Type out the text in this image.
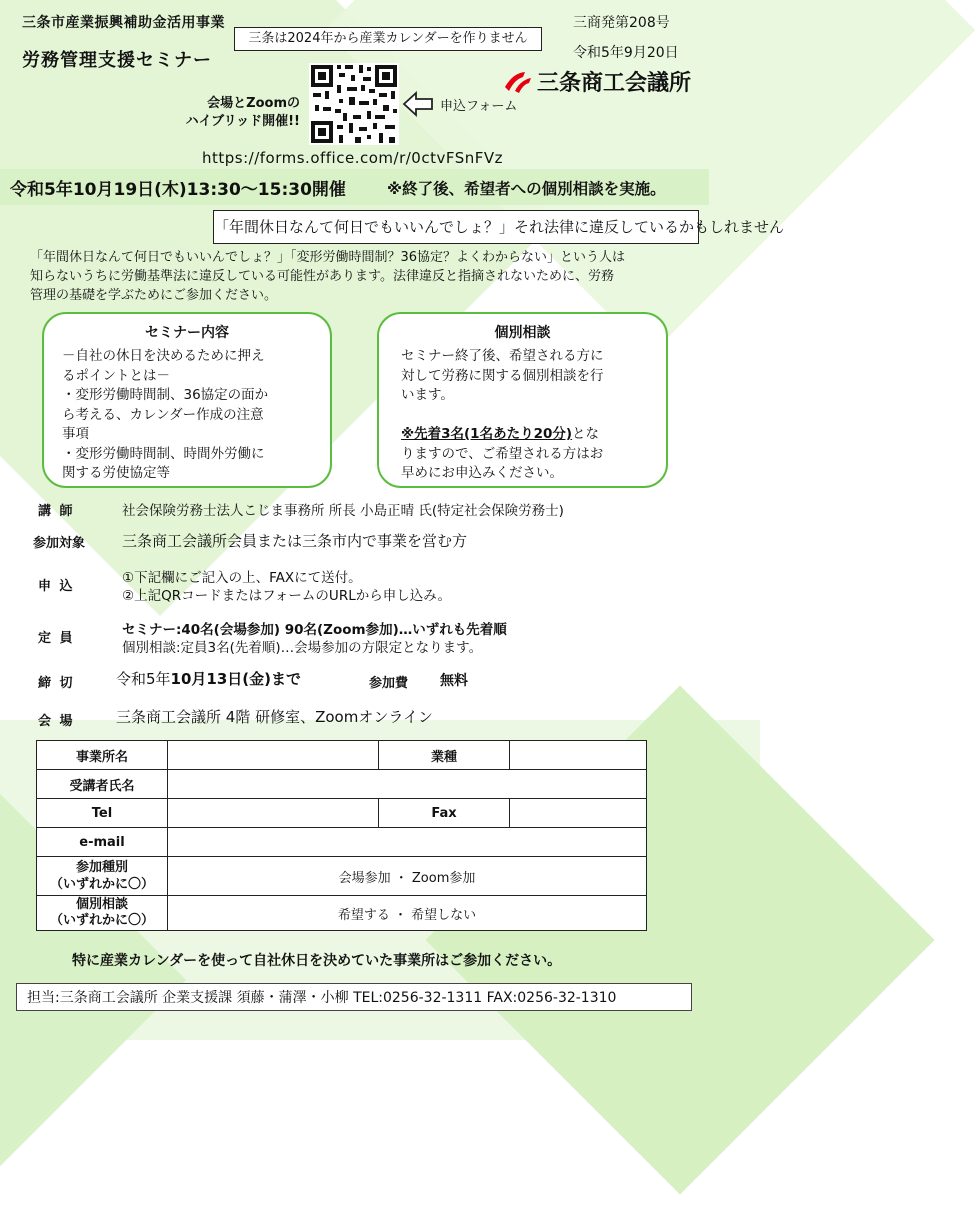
三条市産業振興補助金活用事業
労務管理支援セミナー
三条は2024年から産業カレンダーを作りません
三商発第208号
令和5年9月20日
三条商工会議所
会場とZoomの
ハイブリッド開催!!
申込フォーム
https://forms.office.com/r/0ctvFSnFVz
令和5年10月19日(木)13:30～15:30開催	※終了後、希望者への個別相談を実施。
「年間休日なんて何日でもいいんでしょ？」それ法律に違反しているかもしれません
「年間休日なんて何日でもいいんでしょ？」「変形労働時間制？36協定？よくわからない」という人は
知らないうちに労働基準法に違反している可能性があります。法律違反と指摘されないために、労務
管理の基礎を学ぶためにご参加ください。
セミナー内容
－自社の休日を決めるために押え
るポイントとは－
・変形労働時間制、36協定の面か
ら考える、カレンダー作成の注意
事項
・変形労働時間制、時間外労働に
関する労使協定等
個別相談
セミナー終了後、希望される方に
対して労務に関する個別相談を行
います。
※先着3名(1名あたり20分)とな
りますので、ご希望される方はお
早めにお申込みください。
講 師	社会保険労務士法人こじま事務所 所長 小島正晴 氏(特定社会保険労務士)
参加対象 三条商工会議所会員または三条市内で事業を営む方
申 込
①下記欄にご記入の上、FAXにて送付。
②上記QRコードまたはフォームのURLから申し込み。
定 員
セミナー:40名(会場参加) 90名(Zoom参加)…いずれも先着順
個別相談:定員3名(先着順)…会場参加の方限定となります。
締 切	令和5年10月13日(金)まで	参加費 無料
会 場	三条商工会議所 4階 研修室、Zoomオンライン
事業所名		業種	
受講者氏名			
Tel		Fax	
e-mail			

参加種別
（いずれかに〇）	会場参加 ・ Zoom参加		

個別相談
（いずれかに〇）	希望する ・ 希望しない		
特に産業カレンダーを使って自社休日を決めていた事業所はご参加ください。
担当:三条商工会議所 企業支援課 須藤・蒲澤・小柳 TEL:0256-32-1311 FAX:0256-32-1310
